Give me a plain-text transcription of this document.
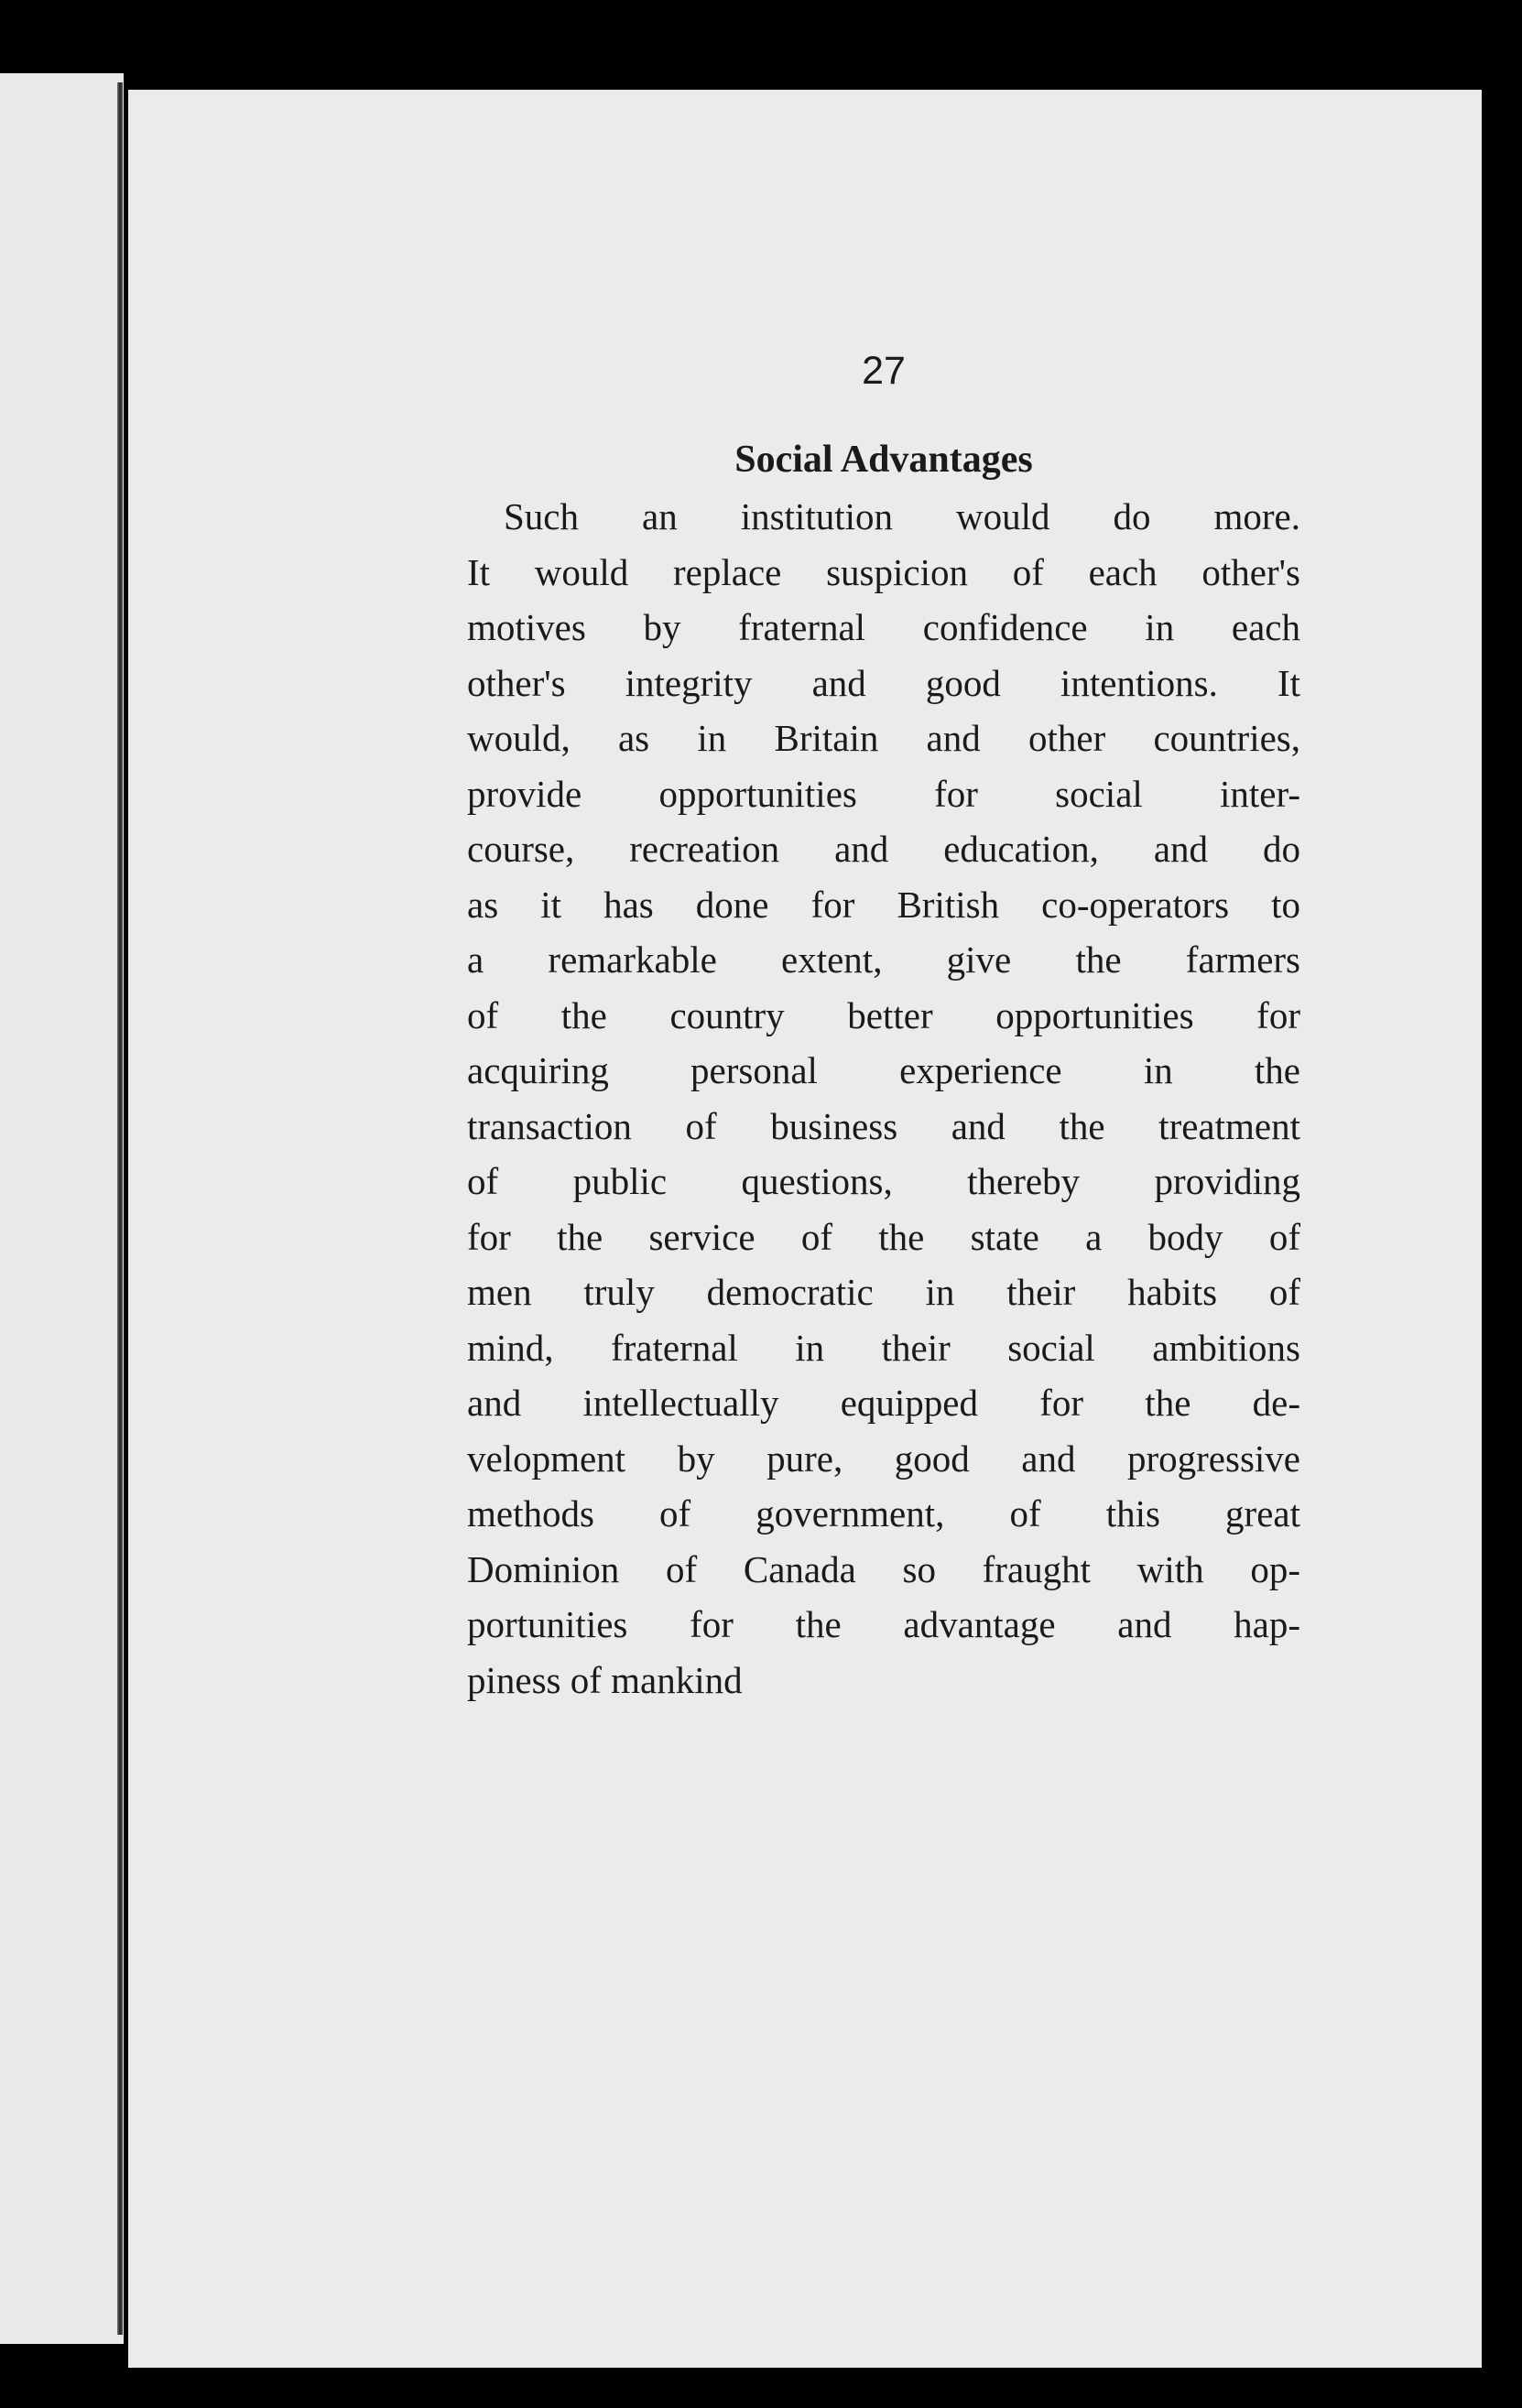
27
Social Advantages
Such an institution would do more.
It would replace suspicion of each other's
motives by fraternal confidence in each
other's integrity and good intentions. It
would, as in Britain and other countries,
provide opportunities for social inter-
course, recreation and education, and do
as it has done for British co-operators to
a remarkable extent, give the farmers
of the country better opportunities for
acquiring personal experience in the
transaction of business and the treatment
of public questions, thereby providing
for the service of the state a body of
men truly democratic in their habits of
mind, fraternal in their social ambitions
and intellectually equipped for the de-
velopment by pure, good and progressive
methods of government, of this great
Dominion of Canada so fraught with op-
portunities for the advantage and hap-
piness of mankind
